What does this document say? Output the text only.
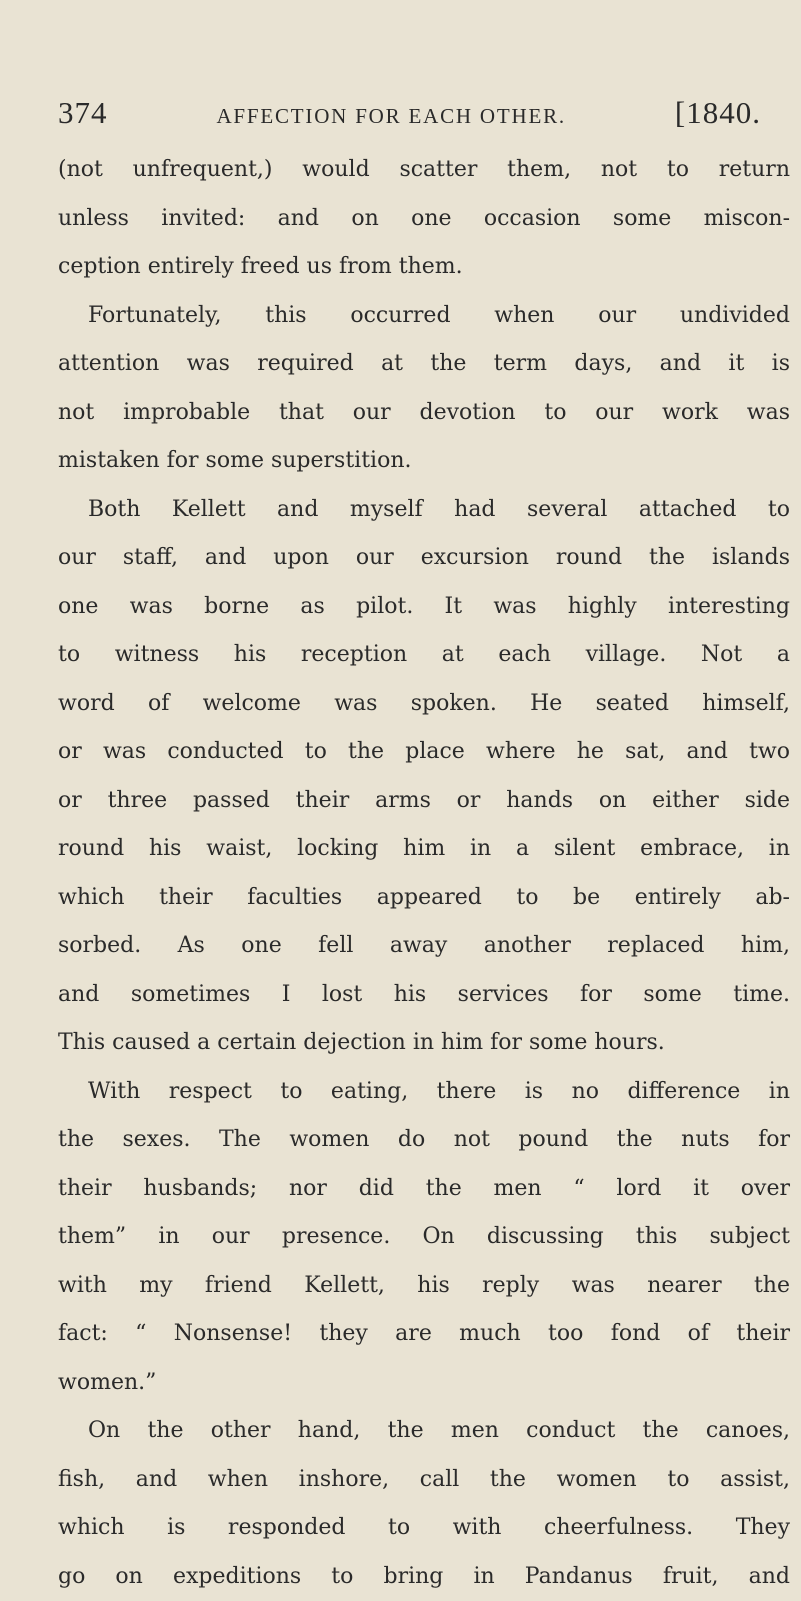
374	AFFECTION FOR EACH OTHER.	[1840.
(not unfrequent,) would scatter them, not to return
unless invited: and on one occasion some miscon-
ception entirely freed us from them.
Fortunately, this occurred when our undivided
attention was required at the term days, and it is
not improbable that our devotion to our work was
mistaken for some superstition.
Both Kellett and myself had several attached to
our staff, and upon our excursion round the islands
one was borne as pilot. It was highly interesting
to witness his reception at each village. Not a
word of welcome was spoken. He seated himself,
or was conducted to the place where he sat, and two
or three passed their arms or hands on either side
round his waist, locking him in a silent embrace, in
which their faculties appeared to be entirely ab-
sorbed. As one fell away another replaced him,
and sometimes I lost his services for some time.
This caused a certain dejection in him for some hours.
With respect to eating, there is no difference in
the sexes. The women do not pound the nuts for
their husbands; nor did the men “ lord it over
them” in our presence. On discussing this subject
with my friend Kellett, his reply was nearer the
fact: “ Nonsense! they are much too fond of their
women.”
On the other hand, the men conduct the canoes,
fish, and when inshore, call the women to assist,
which is responded to with cheerfulness. They
go on expeditions to bring in Pandanus fruit, and
